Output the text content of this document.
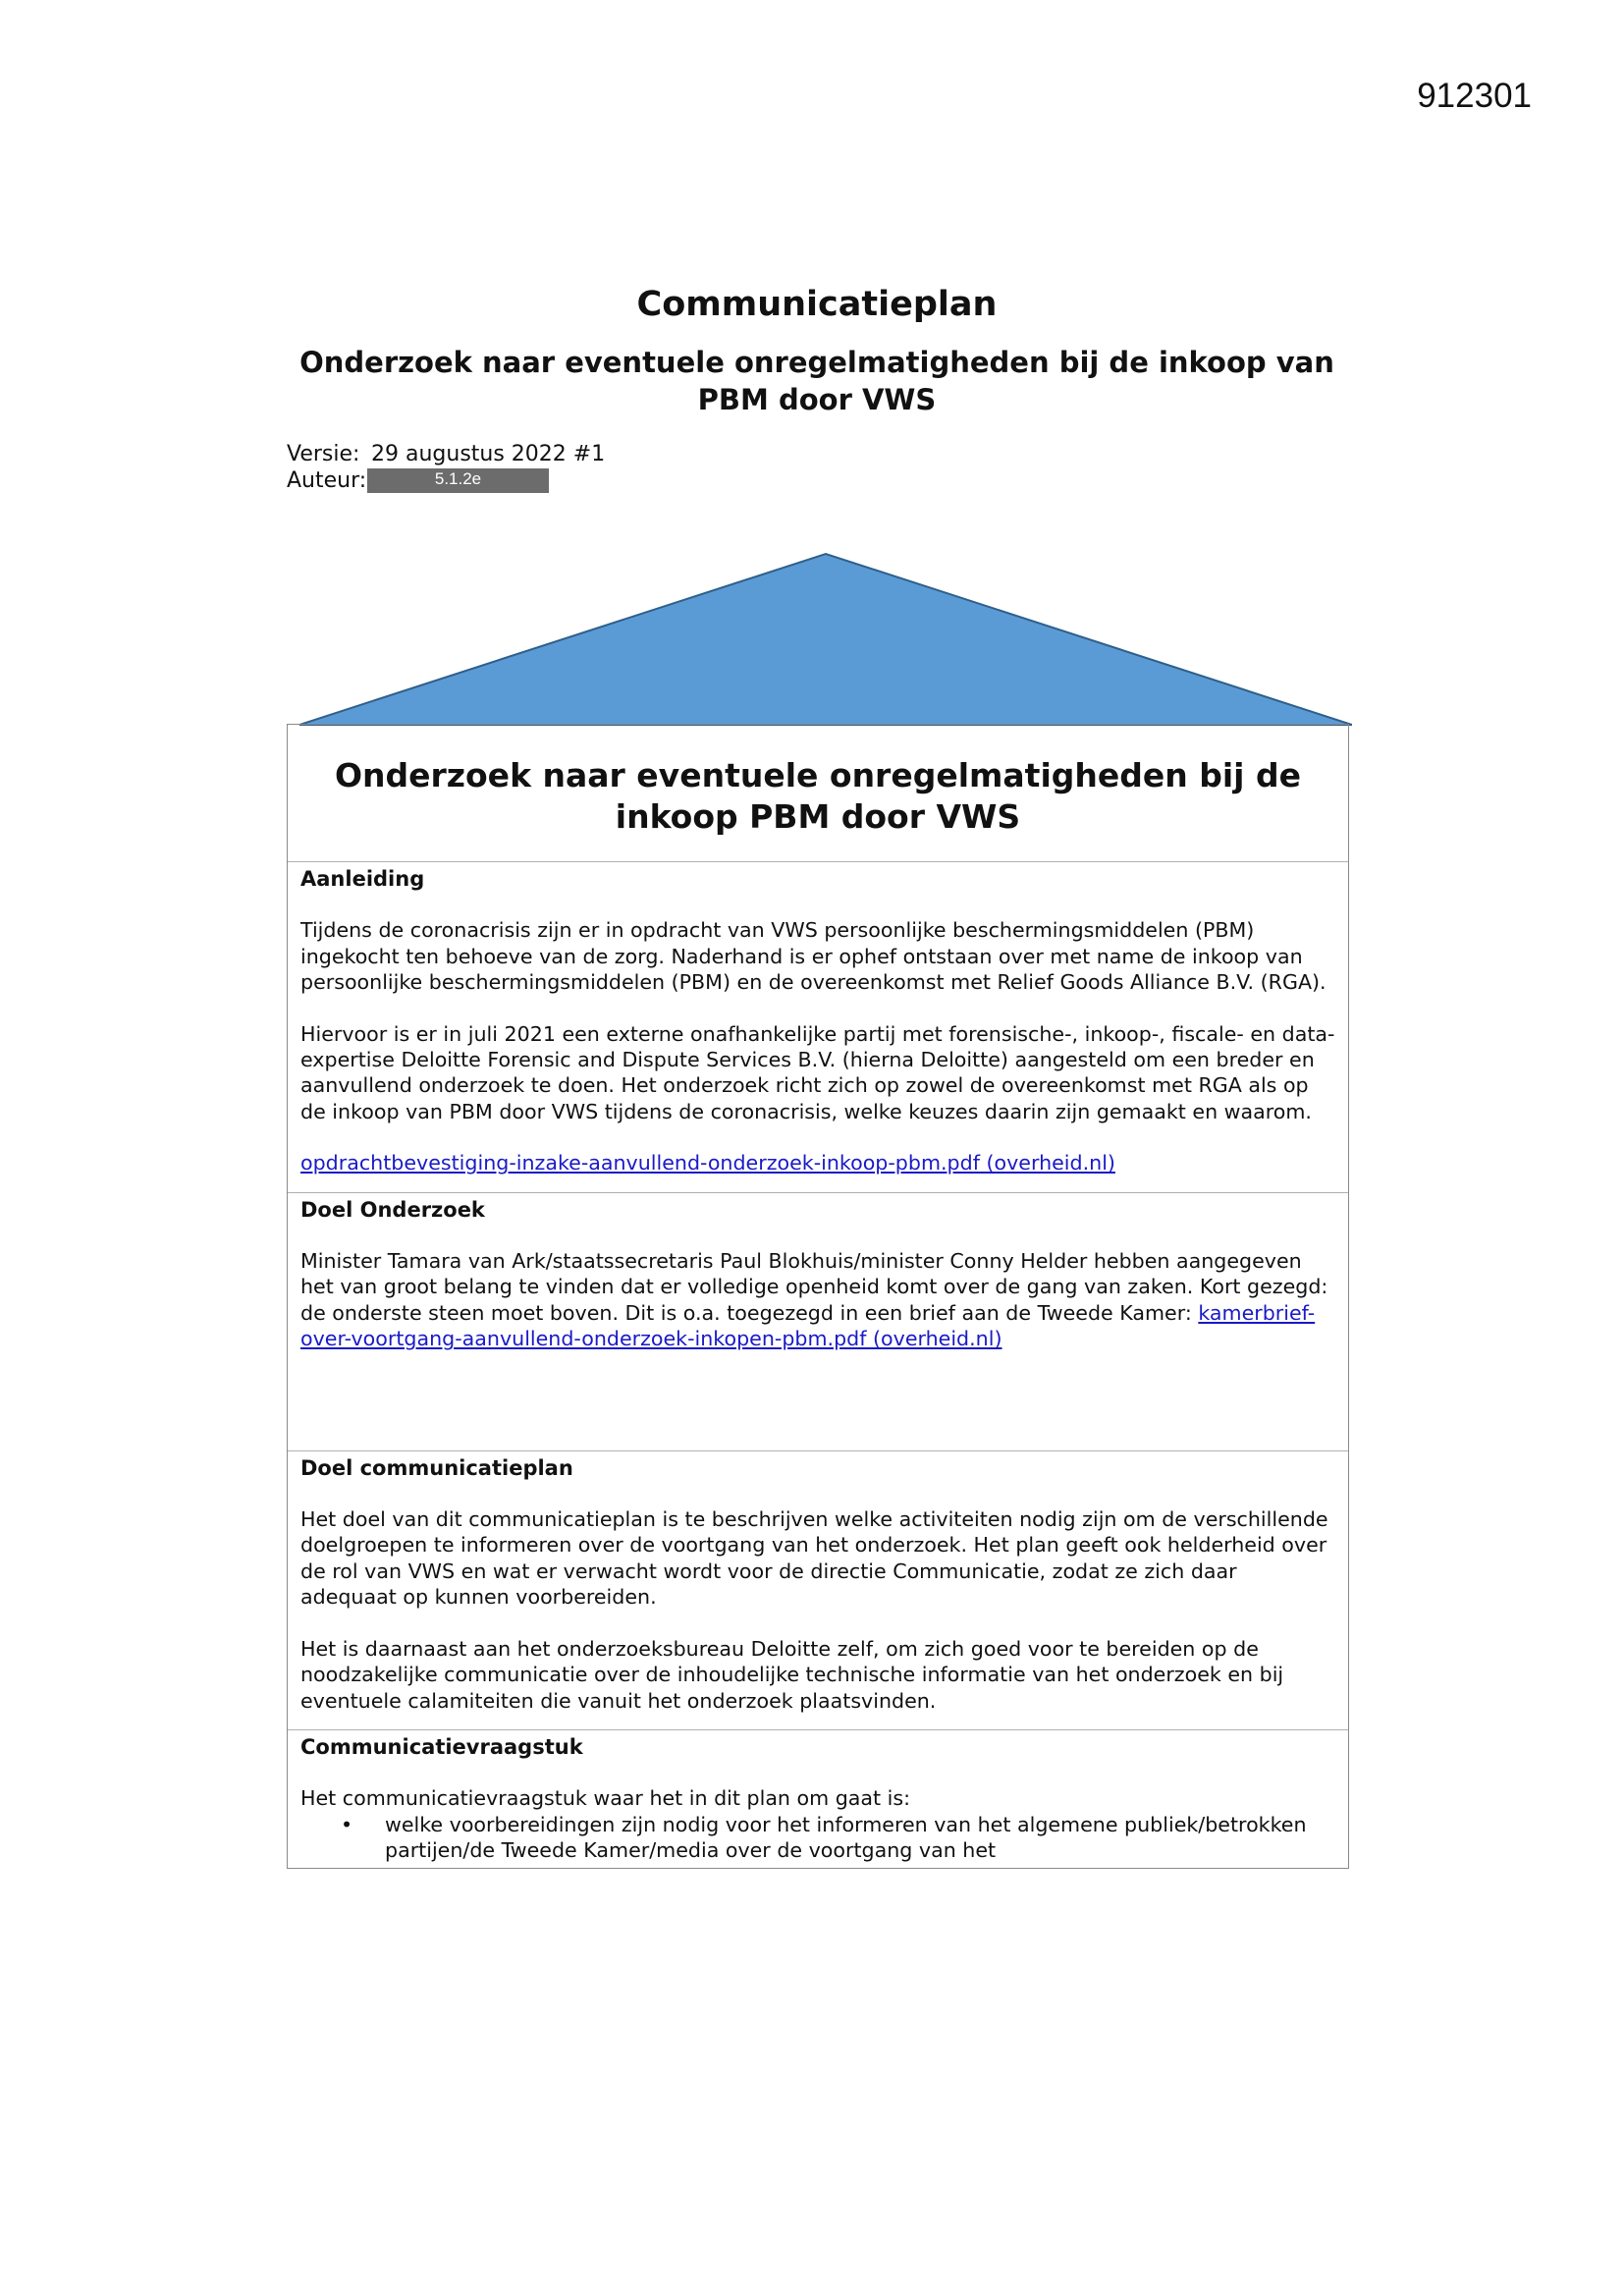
912301
Communicatieplan
Onderzoek naar eventuele onregelmatigheden bij de inkoop van PBM door VWS
Versie: 29 augustus 2022 #1
Auteur:	5.1.2e
Onderzoek naar eventuele onregelmatigheden bij de inkoop PBM door VWS
Aanleiding

Tijdens de coronacrisis zijn er in opdracht van VWS persoonlijke beschermingsmiddelen (PBM) ingekocht ten behoeve van de zorg. Naderhand is er ophef ontstaan over met name de inkoop van persoonlijke beschermingsmiddelen (PBM) en de overeenkomst met Relief Goods Alliance B.V. (RGA).

Hiervoor is er in juli 2021 een externe onafhankelijke partij met forensische-, inkoop-, fiscale- en data-expertise Deloitte Forensic and Dispute Services B.V. (hierna Deloitte) aangesteld om een breder en aanvullend onderzoek te doen. Het onderzoek richt zich op zowel de overeenkomst met RGA als op de inkoop van PBM door VWS tijdens de coronacrisis, welke keuzes daarin zijn gemaakt en waarom.

opdrachtbevestiging-inzake-aanvullend-onderzoek-inkoop-pbm.pdf (overheid.nl)

Doel Onderzoek

Minister Tamara van Ark/staatssecretaris Paul Blokhuis/minister Conny Helder hebben aangegeven het van groot belang te vinden dat er volledige openheid komt over de gang van zaken. Kort gezegd: de onderste steen moet boven. Dit is o.a. toegezegd in een brief aan de Tweede Kamer: kamerbrief-over-voortgang-aanvullend-onderzoek-inkopen-pbm.pdf (overheid.nl)

Doel communicatieplan

Het doel van dit communicatieplan is te beschrijven welke activiteiten nodig zijn om de verschillende doelgroepen te informeren over de voortgang van het onderzoek. Het plan geeft ook helderheid over de rol van VWS en wat er verwacht wordt voor de directie Communicatie, zodat ze zich daar adequaat op kunnen voorbereiden.

Het is daarnaast aan het onderzoeksbureau Deloitte zelf, om zich goed voor te bereiden op de noodzakelijke communicatie over de inhoudelijke technische informatie van het onderzoek en bij eventuele calamiteiten die vanuit het onderzoek plaatsvinden.

Communicatievraagstuk
Het communicatievraagstuk waar het in dit plan om gaat is:
• welke voorbereidingen zijn nodig voor het informeren van het algemene publiek/betrokken partijen/de Tweede Kamer/media over de voortgang van het
